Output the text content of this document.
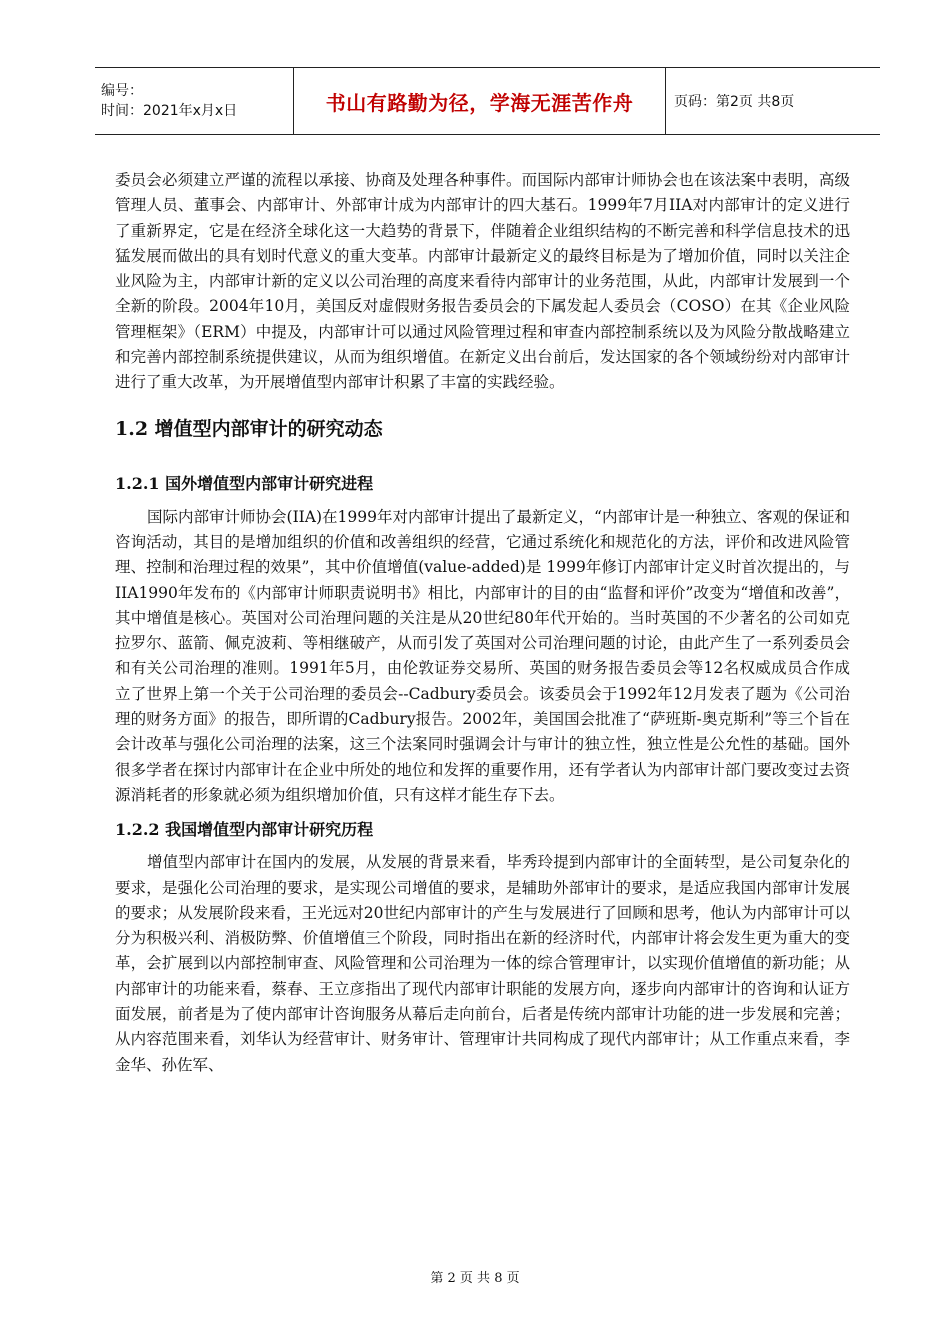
编号：
时间：2021年x月x日	书山有路勤为径，学海无涯苦作舟	页码：第2页 共8页

委员会必须建立严谨的流程以承接、协商及处理各种事件。而国际内部审计师协会也在该法案中表明，高级管理人员、董事会、内部审计、外部审计成为内部审计的四大基石。1999年7月IIA对内部审计的定义进行了重新界定，它是在经济全球化这一大趋势的背景下，伴随着企业组织结构的不断完善和科学信息技术的迅猛发展而做出的具有划时代意义的重大变革。内部审计最新定义的最终目标是为了增加价值，同时以关注企业风险为主，内部审计新的定义以公司治理的高度来看待内部审计的业务范围，从此，内部审计发展到一个全新的阶段。2004年10月，美国反对虚假财务报告委员会的下属发起人委员会（COSO）在其《企业风险管理框架》（ERM）中提及，内部审计可以通过风险管理过程和审查内部控制系统以及为风险分散战略建立和完善内部控制系统提供建议，从而为组织增值。在新定义出台前后，发达国家的各个领域纷纷对内部审计进行了重大改革，为开展增值型内部审计积累了丰富的实践经验。

1.2 增值型内部审计的研究动态
1.2.1 国外增值型内部审计研究进程

国际内部审计师协会(IIA)在1999年对内部审计提出了最新定义，“内部审计是一种独立、客观的保证和咨询活动，其目的是增加组织的价值和改善组织的经营，它通过系统化和规范化的方法，评价和改进风险管理、控制和治理过程的效果”，其中价值增值(value-added)是 1999年修订内部审计定义时首次提出的，与IIA1990年发布的《内部审计师职责说明书》相比，内部审计的目的由“监督和评价”改变为“增值和改善”，其中增值是核心。英国对公司治理问题的关注是从20世纪80年代开始的。当时英国的不少著名的公司如克拉罗尔、蓝箭、佩克波莉、等相继破产，从而引发了英国对公司治理问题的讨论，由此产生了一系列委员会和有关公司治理的准则。1991年5月，由伦敦证券交易所、英国的财务报告委员会等12名权威成员合作成立了世界上第一个关于公司治理的委员会--Cadbury委员会。该委员会于1992年12月发表了题为《公司治理的财务方面》的报告，即所谓的Cadbury报告。2002年，美国国会批准了“萨班斯-奥克斯利”等三个旨在会计改革与强化公司治理的法案，这三个法案同时强调会计与审计的独立性，独立性是公允性的基础。国外很多学者在探讨内部审计在企业中所处的地位和发挥的重要作用，还有学者认为内部审计部门要改变过去资源消耗者的形象就必须为组织增加价值，只有这样才能生存下去。

1.2.2 我国增值型内部审计研究历程

增值型内部审计在国内的发展，从发展的背景来看，毕秀玲提到内部审计的全面转型，是公司复杂化的要求，是强化公司治理的要求，是实现公司增值的要求，是辅助外部审计的要求，是适应我国内部审计发展的要求；从发展阶段来看，王光远对20世纪内部审计的产生与发展进行了回顾和思考，他认为内部审计可以分为积极兴利、消极防弊、价值增值三个阶段，同时指出在新的经济时代，内部审计将会发生更为重大的变革，会扩展到以内部控制审查、风险管理和公司治理为一体的综合管理审计，以实现价值增值的新功能；从内部审计的功能来看，蔡春、王立彦指出了现代内部审计职能的发展方向，逐步向内部审计的咨询和认证方面发展，前者是为了使内部审计咨询服务从幕后走向前台，后者是传统内部审计功能的进一步发展和完善；从内容范围来看，刘华认为经营审计、财务审计、管理审计共同构成了现代内部审计；从工作重点来看，李金华、孙佐军、

第 2 页 共 8 页
